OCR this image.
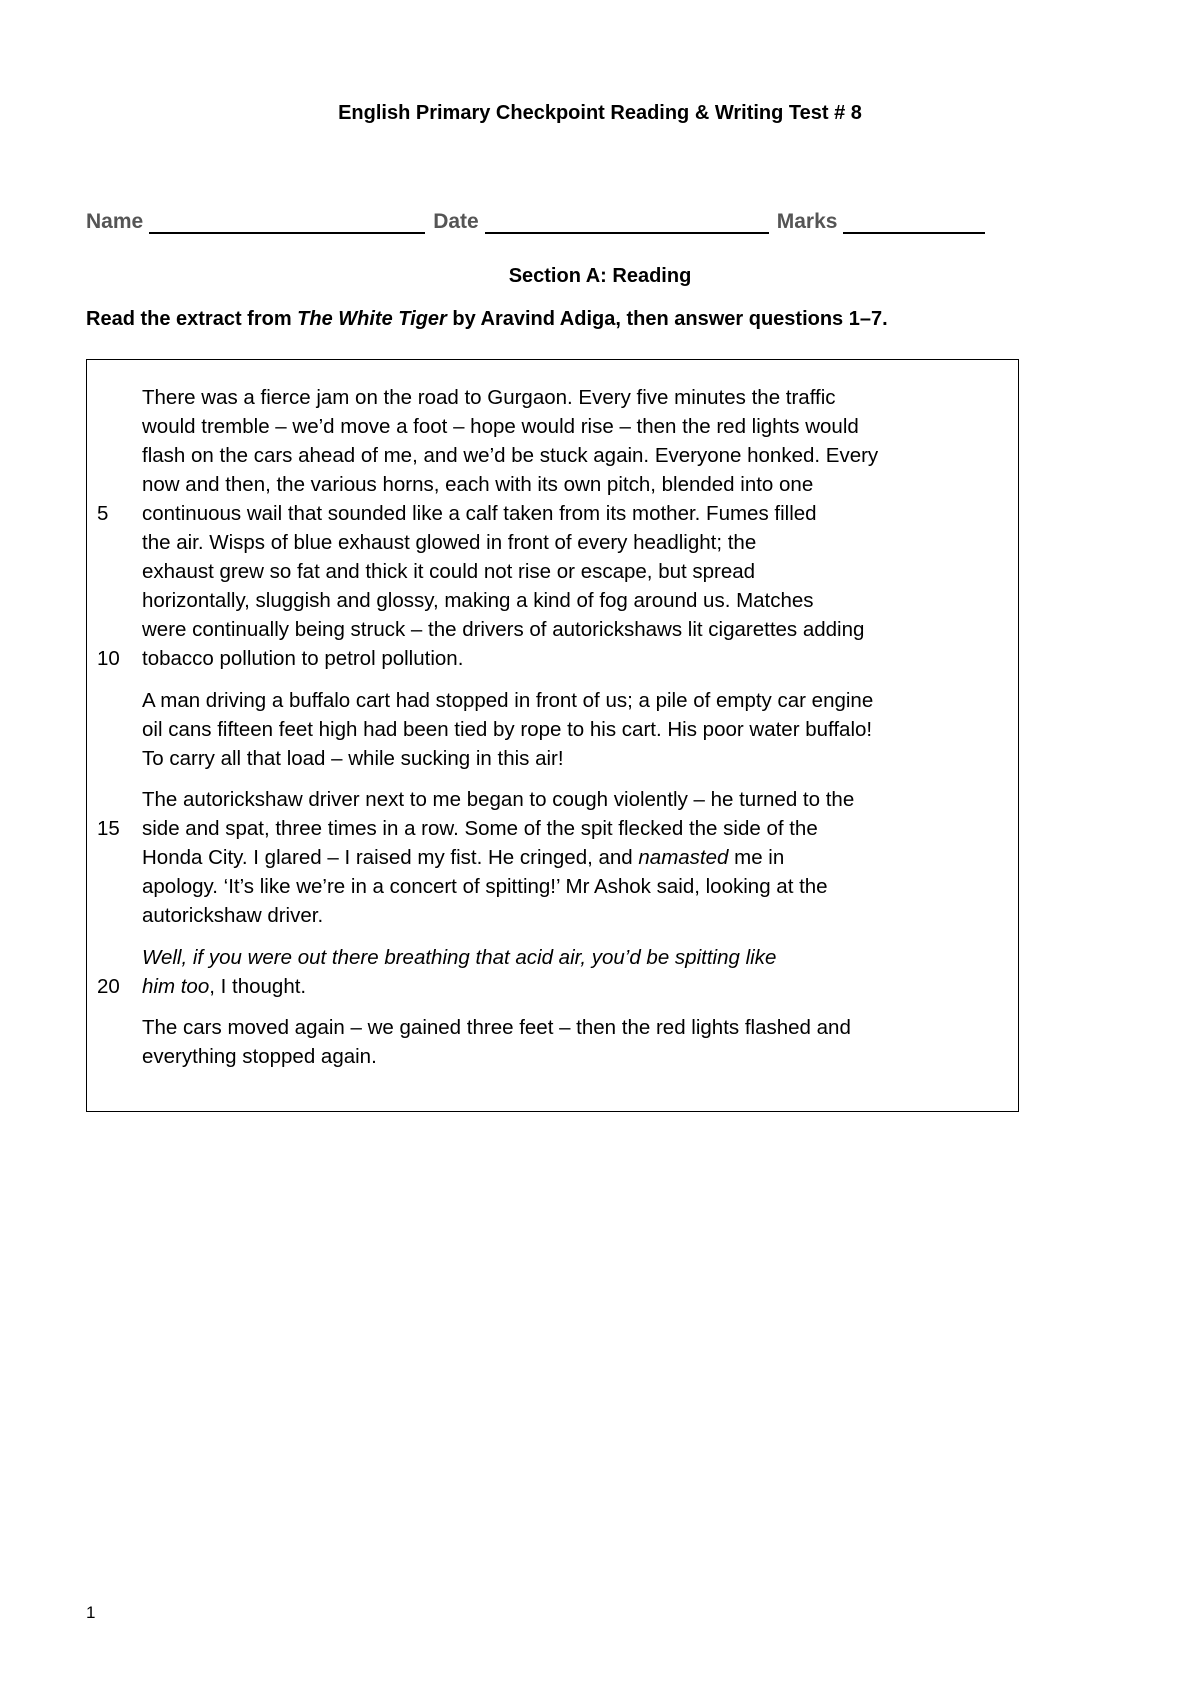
English Primary Checkpoint Reading & Writing Test # 8
Name	Date	Marks
Section A: Reading
Read the extract from The White Tiger by Aravind Adiga, then answer questions 1–7.
There was a fierce jam on the road to Gurgaon. Every five minutes the traffic
would tremble – we’d move a foot – hope would rise – then the red lights would
flash on the cars ahead of me, and we’d be stuck again. Everyone honked. Every
now and then, the various horns, each with its own pitch, blended into one
5	continuous wail that sounded like a calf taken from its mother. Fumes filled
the air. Wisps of blue exhaust glowed in front of every headlight; the
exhaust grew so fat and thick it could not rise or escape, but spread
horizontally, sluggish and glossy, making a kind of fog around us. Matches
were continually being struck – the drivers of autorickshaws lit cigarettes adding
10	tobacco pollution to petrol pollution.
A man driving a buffalo cart had stopped in front of us; a pile of empty car engine
oil cans fifteen feet high had been tied by rope to his cart. His poor water buffalo!
To carry all that load – while sucking in this air!
The autorickshaw driver next to me began to cough violently – he turned to the
15	side and spat, three times in a row. Some of the spit flecked the side of the
Honda City. I glared – I raised my fist. He cringed, and namasted me in
apology. ‘It’s like we’re in a concert of spitting!’ Mr Ashok said, looking at the
autorickshaw driver.
Well, if you were out there breathing that acid air, you’d be spitting like
20	him too, I thought.
The cars moved again – we gained three feet – then the red lights flashed and
everything stopped again.
1
